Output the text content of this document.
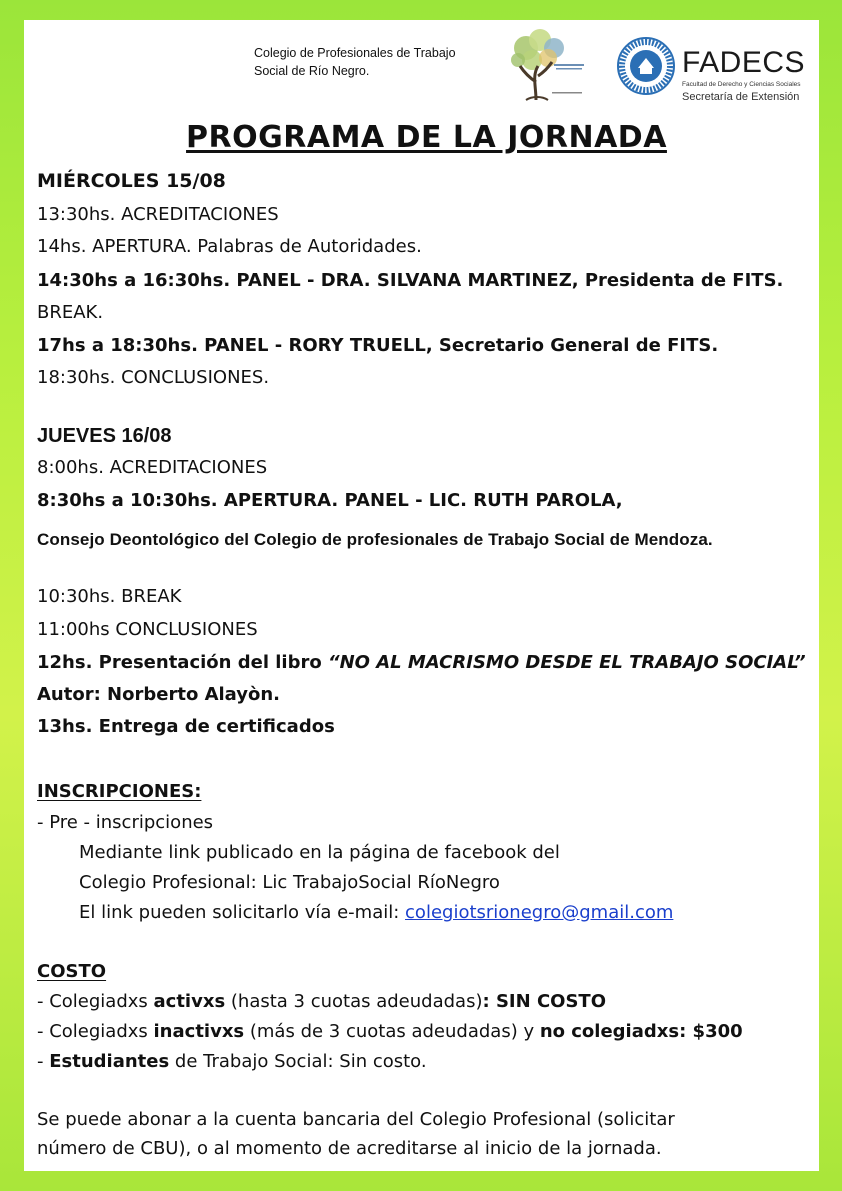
Colegio de Profesionales de Trabajo
Social de Río Negro.	FADECS
Facultad de Derecho y Ciencias Sociales
Secretaría de Extensión
PROGRAMA DE LA JORNADA
MIÉRCOLES 15/08
13:30hs. ACREDITACIONES
14hs. APERTURA. Palabras de Autoridades.
14:30hs a 16:30hs. PANEL - DRA. SILVANA MARTINEZ, Presidenta de FITS.
BREAK.
17hs a 18:30hs. PANEL - RORY TRUELL, Secretario General de FITS.
18:30hs. CONCLUSIONES.
JUEVES 16/08
8:00hs. ACREDITACIONES
8:30hs a 10:30hs. APERTURA. PANEL - LIC. RUTH PAROLA,
Consejo Deontológico del Colegio de profesionales de Trabajo Social de Mendoza.
10:30hs. BREAK
11:00hs CONCLUSIONES
12hs. Presentación del libro “NO AL MACRISMO DESDE EL TRABAJO SOCIAL”
Autor: Norberto Alayòn.
13hs. Entrega de certificados
INSCRIPCIONES:
- Pre - inscripciones
Mediante link publicado en la página de facebook del
Colegio Profesional: Lic TrabajoSocial RíoNegro
El link pueden solicitarlo vía e-mail: colegiotsrionegro@gmail.com
COSTO
- Colegiadxs activxs (hasta 3 cuotas adeudadas): SIN COSTO
- Colegiadxs inactivxs (más de 3 cuotas adeudadas) y no colegiadxs: $300
- Estudiantes de Trabajo Social: Sin costo.
Se puede abonar a la cuenta bancaria del Colegio Profesional (solicitar
número de CBU), o al momento de acreditarse al inicio de la jornada.
